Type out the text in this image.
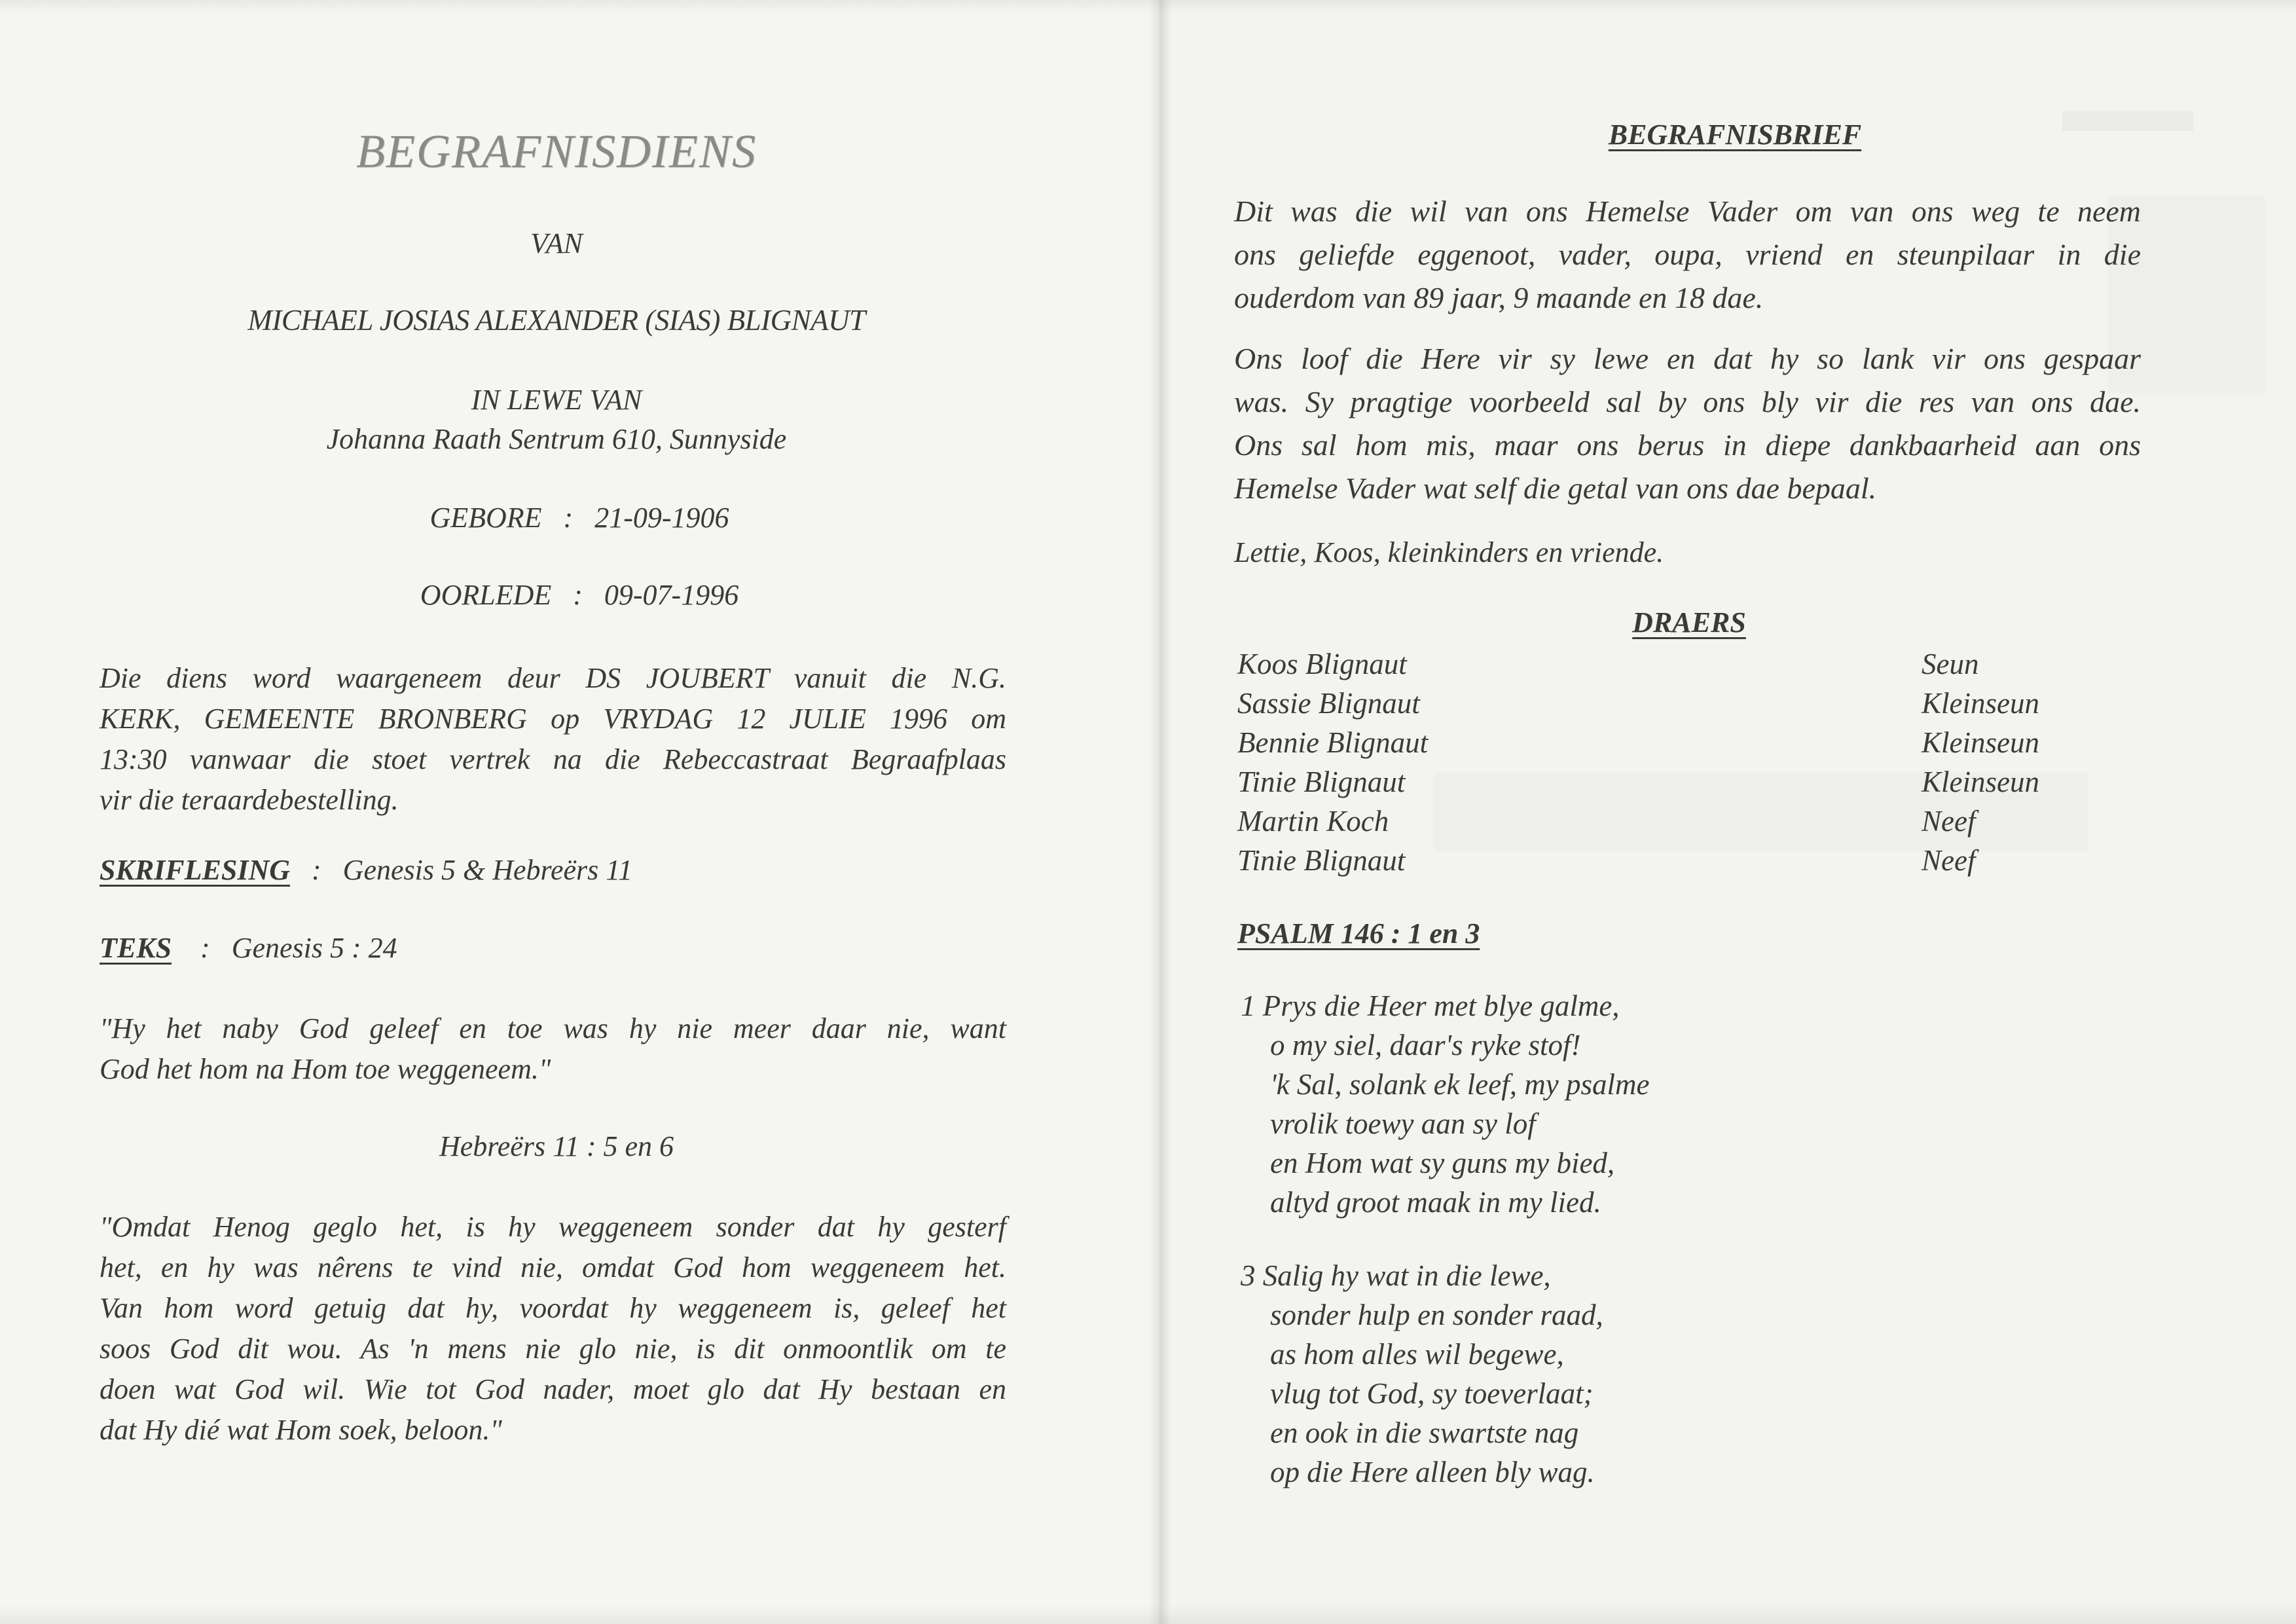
BEGRAFNISDIENS
VAN
MICHAEL JOSIAS ALEXANDER (SIAS) BLIGNAUT
IN LEWE VAN
Johanna Raath Sentrum 610, Sunnyside
GEBORE   :   21-09-1906
OORLEDE   :   09-07-1996
Die diens word waargeneem deur DS JOUBERT vanuit die N.G.
KERK, GEMEENTE BRONBERG op VRYDAG 12 JULIE 1996 om
13:30 vanwaar die stoet vertrek na die Rebeccastraat Begraafplaas
vir die teraardebestelling.
SKRIFLESING   :   Genesis 5 & Hebreërs 11
TEKS    :   Genesis 5 : 24
"Hy het naby God geleef en toe was hy nie meer daar nie, want
God het hom na Hom toe weggeneem."
Hebreërs 11 : 5 en 6
"Omdat Henog geglo het, is hy weggeneem sonder dat hy gesterf
het, en hy was nêrens te vind nie, omdat God hom weggeneem het.
Van hom word getuig dat hy, voordat hy weggeneem is, geleef het
soos God dit wou. As 'n mens nie glo nie, is dit onmoontlik om te
doen wat God wil. Wie tot God nader, moet glo dat Hy bestaan en
dat Hy dié wat Hom soek, beloon."
BEGRAFNISBRIEF
Dit was die wil van ons Hemelse Vader om van ons weg te neem
ons geliefde eggenoot, vader, oupa, vriend en steunpilaar in die
ouderdom van 89 jaar, 9 maande en 18 dae.
Ons loof die Here vir sy lewe en dat hy so lank vir ons gespaar
was. Sy pragtige voorbeeld sal by ons bly vir die res van ons dae.
Ons sal hom mis, maar ons berus in diepe dankbaarheid aan ons
Hemelse Vader wat self die getal van ons dae bepaal.
Lettie, Koos, kleinkinders en vriende.
DRAERS
Koos Blignaut	Seun
Sassie Blignaut	Kleinseun
Bennie Blignaut	Kleinseun
Tinie Blignaut	Kleinseun
Martin Koch	Neef
Tinie Blignaut	Neef
PSALM 146 : 1 en 3
1 Prys die Heer met blye galme,
o my siel, daar's ryke stof!
'k Sal, solank ek leef, my psalme
vrolik toewy aan sy lof
en Hom wat sy guns my bied,
altyd groot maak in my lied.
3 Salig hy wat in die lewe,
sonder hulp en sonder raad,
as hom alles wil begewe,
vlug tot God, sy toeverlaat;
en ook in die swartste nag
op die Here alleen bly wag.
